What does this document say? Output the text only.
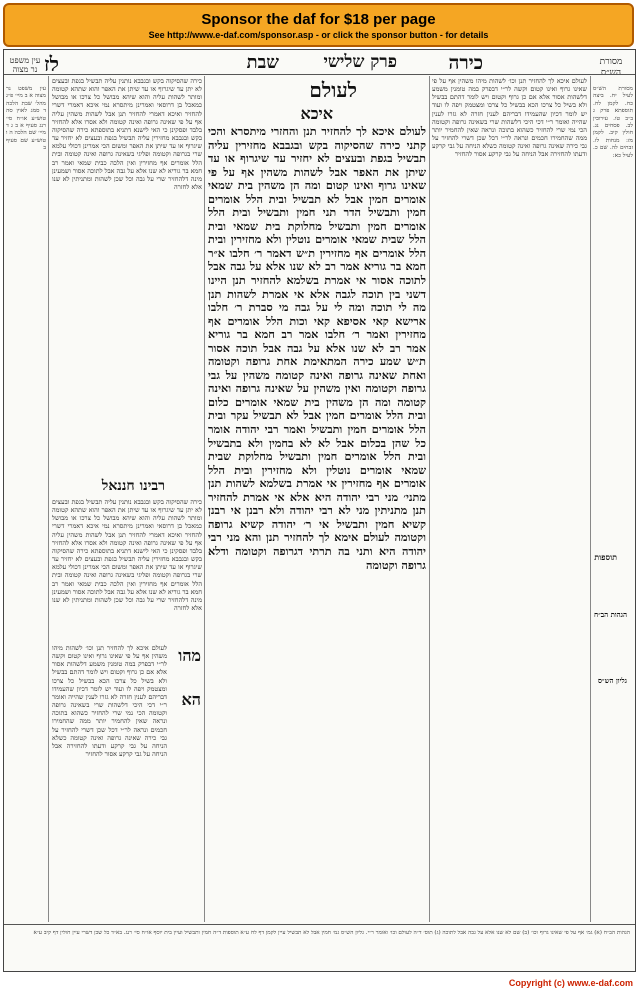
Sponsor the daf for $18 per page
See http://www.e-daf.com/sponsor.asp - or click the sponsor button - for details
מסורת הש״ס
כירה
פרק שלישי
שבת
לז
עין משפט נר מצוה
מסורת הש״ס לעיל יח. ביצה כח. לקמן לח. תוספתא פרק ג ב״ב טו. עירובין לב. פסחים נג. חולין קיב. לקמן מז: מנחות לז. זבחים לה. שם כ. לעיל כא:
לעולם איכא לך להחזיר תנן וכו׳ לשהות מיהו משהין אף על פי שאינו גרוף ואינו קטום וקשה לר״י דבפרק במה טומנין משמע דלשהות אסור אלא אם כן גרוף וקטום ויש לומר דהתם בבשיל ולא בשיל כל צרכו הכא בבשיל כל צרכו ומצטמק ויפה לו ועוד יש לומר דכיון שהעמידו דבריהם לענין חזרה לא גזרו לענין שהייה ואומר ר״י דכי היכי דלשהות שרי בשאינה גרופה וקטומה הכי נמי שרי להחזיר כשהוא בתוכה ונראה שאין להחמיר יותר ממה שהחמירו חכמים ונראה לר״י דכל שכן דשרי להחזיר על גבי כירה שאינה גרופה ואינה קטומה כשלא הניחה על גבי קרקע ודעתו להחזירה אבל הניחה על גבי קרקע אסור להחזיר
תוספות
הגהות הב״ח
גליון הש״ס
לעולם
איכא
לעולם איכא לך להחזיר תנן והחזרי מיתסרא והכי קתני כירה שהסיקוה בקש ובגבבא מחזירין עליה תבשיל בגפת ובעצים לא יחזיר עד שיגרוף או עד שיתן את האפר אבל לשהות משהין אף על פי שאינו גרוף ואינו קטום ומה הן משהין בית שמאי אומרים חמין אבל לא תבשיל ובית הלל אומרים חמין ותבשיל הדר תני חמין ותבשיל ובית הלל אומרים חמין ותבשיל מחלוקת בית שמאי ובית הלל שבית שמאי אומרים נוטלין ולא מחזירין ובית הלל אומרים אף מחזירין ת״ש דאמר ר׳ חלבו א״ר חמא בר גוריא אמר רב לא שנו אלא על גבה אבל לתוכה אסור אי אמרת בשלמא להחזיר תנן היינו דשני בין תוכה לגבה אלא אי אמרת לשהות תנן מה לי תוכה ומה לי על גבה מי סברת ר׳ חלבו ארישא קאי אסיפא קאי וכות הלל אומרים אף מחזירין ואמר ר׳ חלבו אמר רב חמא בר גוריא אמר רב לא שנו אלא על גבה אבל תוכה אסור ת״ש שמע כירה המתאימת אחת גרופה וקטומה ואחת שאינה גרופה ואינה קטומה משהין על גבי גרופה וקטומה ואין משהין על שאינה גרופה ואינה קטומה ומה הן משהין בית שמאי אומרים כלום ובית הלל אומרים חמין אבל לא תבשיל עקר ובית הלל אומרים חמין ותבשיל ואמר רבי יהודה אומר כל שהן בכלום אבל לא לא בחמין ולא בתבשיל ובית הלל אומרים חמין ותבשיל מחלוקת שבית שמאי אומרים נוטלין ולא מחזירין ובית הלל אומרים אף מחזירין אי אמרת בשלמא לשהות תנן מתני׳ מני רבי יהודה היא אלא אי אמרת להחזיר תנן מתניתין מני לא רבי יהודה ולא רבנן אי רבנן קשיא חמין ותבשיל אי ר׳ יהודה קשיא גרופה וקטומה לעולם אימא לך להחזיר תנן והא מני רבי יהודה היא ותני בה תרתי דגרופה וקטומה ודלא גרופה וקטומה
כירה שהסיקוה בקש ובגבבא נותנין עליה תבשיל בגפת ובעצים לא יתן עד שיגרוף או עד שיתן את האפר והוא שתהא קטומה ומותר לשהות עליה והוא שיהא מבושל כל צרכו או מבושל כמאכל בן דרוסאי ואמרינן מיתסרא נמי איכא דאמרי דשרי להחזיר ואיכא דאמרי להחזיר תנן אבל לשהות משהין עליה אף על פי שאינה גרופה ואינה קטומה ולא אסרו אלא להחזיר בלבד ופסקינן כי האי לישנא דתניא בתוספתא כירה שהסיקוה בקש ובגבבא מחזירין עליה תבשיל בגפת ובעצים לא יחזיר עד שיגרוף או עד שיתן את האפר ומשום הכי אמרינן דכולי עלמא שרי בגרופה וקטומה ופליגי בשאינה גרופה ואינה קטומה ובית הלל אומרים אף מחזירין ואין הלכה כבית שמאי ואמר רב חמא בר גוריא לא שנו אלא על גבה אבל לתוכה אסור ושמעינן מינה דלהחזיר שרי על גבה וכל שכן לשהות ומתניתין לא שנו אלא לחזרה
רבינו חננאל
כירה שהסיקוה בקש ובגבבא נותנין עליה תבשיל בגפת ובעצים לא יתן עד שיגרוף או עד שיתן את האפר והוא שתהא קטומה ומותר לשהות עליה והוא שיהא מבושל כל צרכו או מבושל כמאכל בן דרוסאי ואמרינן מיתסרא נמי איכא דאמרי דשרי להחזיר ואיכא דאמרי להחזיר תנן אבל לשהות משהין עליה אף על פי שאינה גרופה ואינה קטומה ולא אסרו אלא להחזיר בלבד ופסקינן כי האי לישנא דתניא בתוספתא כירה שהסיקוה בקש ובגבבא מחזירין עליה תבשיל בגפת ובעצים לא יחזיר עד שיגרוף או עד שיתן את האפר ומשום הכי אמרינן דכולי עלמא שרי בגרופה וקטומה ופליגי בשאינה גרופה ואינה קטומה ובית הלל אומרים אף מחזירין ואין הלכה כבית שמאי ואמר רב חמא בר גוריא לא שנו אלא על גבה אבל לתוכה אסור ושמעינן מינה דלהחזיר שרי על גבה וכל שכן לשהות ומתניתין לא שנו אלא לחזרה
מהו
הא
לעולם איכא לך להחזיר תנן וכו׳ לשהות מיהו משהין אף על פי שאינו גרוף ואינו קטום וקשה לר״י דבפרק במה טומנין משמע דלשהות אסור אלא אם כן גרוף וקטום ויש לומר דהתם בבשיל ולא בשיל כל צרכו הכא בבשיל כל צרכו ומצטמק ויפה לו ועוד יש לומר דכיון שהעמידו דבריהם לענין חזרה לא גזרו לענין שהייה ואומר ר״י דכי היכי דלשהות שרי בשאינה גרופה וקטומה הכי נמי שרי להחזיר כשהוא בתוכה ונראה שאין להחמיר יותר ממה שהחמירו חכמים ונראה לר״י דכל שכן דשרי להחזיר על גבי כירה שאינה גרופה ואינה קטומה כשלא הניחה על גבי קרקע ודעתו להחזירה אבל הניחה על גבי קרקע אסור להחזיר
עין משפט נר מצוה א ב מיי׳ פ״ג מהל׳ שבת הלכה ד סמג לאוין סה טוש״ע או״ח סי׳ רנג סעיף א ב ג ד מיי׳ שם הלכה ה ו טוש״ע שם סעיף ב
הגהות הב״ח (א) גמ׳ אף על פי שאינו גרוף וכו׳ (ב) שם לא שנו אלא על גבה אבל לתוכה (ג) תוס׳ ד״ה לעולם וכו׳ ואומר ר״י. גליון הש״ס גמ׳ חמין אבל לא תבשיל עיין לקמן דף לח ע״א תוספות ד״ה חמין ותבשיל ועיין בית יוסף או״ח סי׳ רנג. בא״ד כל שכן דשרי עיין חולין דף קיב ע״א
Copyright (c) www.e-daf.com
